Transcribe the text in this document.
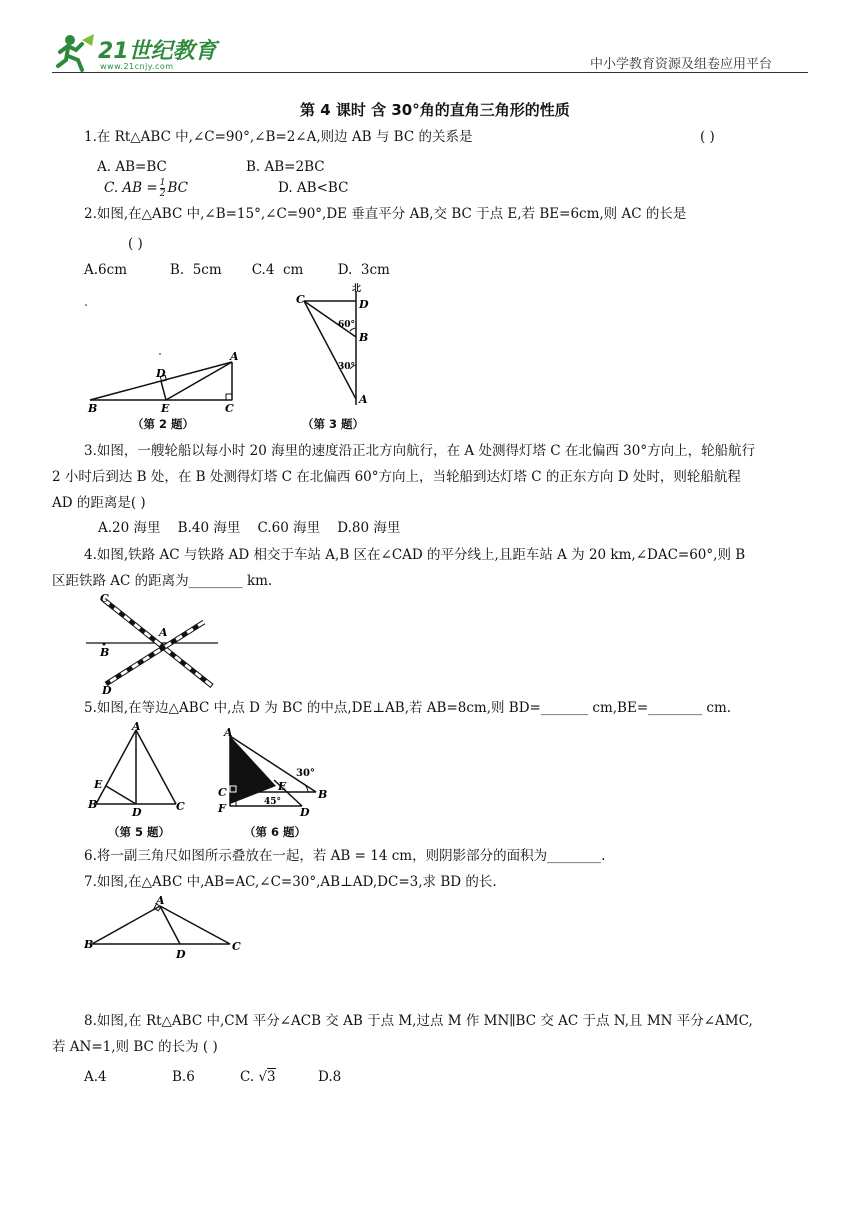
21世纪教育
www.21cnjy.com	中小学教育资源及组卷应用平台
第 4 课时 含 30°角的直角三角形的性质
1.在 Rt△ABC 中,∠C=90°,∠B=2∠A,则边 AB 与 BC 的关系是	( )
A. AB=BC	B. AB=2BC
C. AB = $\frac{1}{2}$ BC	D. AB<BC
2.如图,在△ABC 中,∠B=15°,∠C=90°,DE 垂直平分 AB,交 BC 于点 E,若 BE=6cm,则 AC 的长是
( )
A.6cm          B.  5cm       C.4  cm        D.  3cm
A
B	C
D
E
（第 2 题）
C	D
B
A
北
60°
30°
（第 3 题）
3.如图，一艘轮船以每小时 20 海里的速度沿正北方向航行，在 A 处测得灯塔 C 在北偏西 30°方向上，轮船航行
2 小时后到达 B 处，在 B 处测得灯塔 C 在北偏西 60°方向上，当轮船到达灯塔 C 的正东方向 D 处时，则轮船航程
AD 的距离是( )
A.20 海里    B.40 海里    C.60 海里    D.80 海里
4.如图,铁路 AC 与铁路 AD 相交于车站 A,B 区在∠CAD 的平分线上,且距车站 A 为 20 km,∠DAC=60°,则 B
区距铁路 AC 的距离为________ km.
C
A
B
D
5.如图,在等边△ABC 中,点 D 为 BC 的中点,DE⊥AB,若 AB=8cm,则 BD=_______ cm,BE=________ cm.
A
E
B
D	C
（第 5 题）
A
C
F
E
B
D
30°
45°
（第 6 题）
6.将一副三角尺如图所示叠放在一起，若 AB = 14 cm，则阴影部分的面积为________.
7.如图,在△ABC 中,AB=AC,∠C=30°,AB⊥AD,DC=3,求 BD 的长.
A
B
D
C
8.如图,在 Rt△ABC 中,CM 平分∠ACB 交 AB 于点 M,过点 M 作 MN∥BC 交 AC 于点 N,且 MN 平分∠AMC,
若 AN=1,则 BC 的长为 ( )
A.4	B.6	C. √3	D.8
